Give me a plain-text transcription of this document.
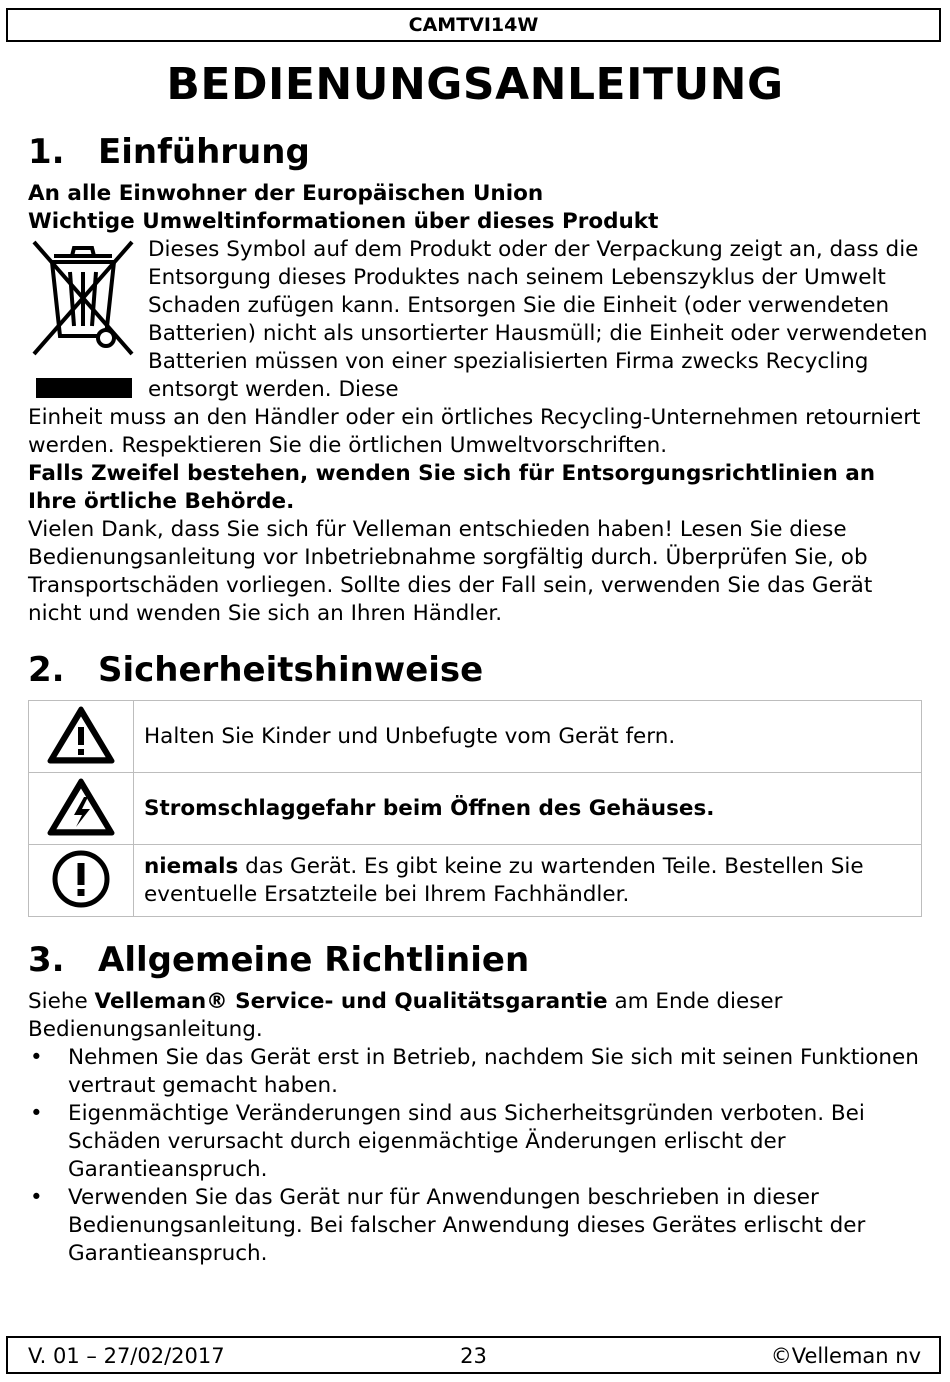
CAMTVI14W
BEDIENUNGSANLEITUNG
1. Einführung
An alle Einwohner der Europäischen Union
Wichtige Umweltinformationen über dieses Produkt
Dieses Symbol auf dem Produkt oder der Verpackung zeigt an, dass die Entsorgung dieses Produktes nach seinem Lebenszyklus der Umwelt Schaden zufügen kann. Entsorgen Sie die Einheit (oder verwendeten Batterien) nicht als unsortierter Hausmüll; die Einheit oder verwendeten Batterien müssen von einer spezialisierten Firma zwecks Recycling entsorgt werden. Diese
Einheit muss an den Händler oder ein örtliches Recycling-Unternehmen retourniert werden. Respektieren Sie die örtlichen Umweltvorschriften.
Falls Zweifel bestehen, wenden Sie sich für Entsorgungsrichtlinien an Ihre örtliche Behörde.
Vielen Dank, dass Sie sich für Velleman entschieden haben! Lesen Sie diese Bedienungsanleitung vor Inbetriebnahme sorgfältig durch. Überprüfen Sie, ob Transportschäden vorliegen. Sollte dies der Fall sein, verwenden Sie das Gerät nicht und wenden Sie sich an Ihren Händler.
2. Sicherheitshinweise
	Halten Sie Kinder und Unbefugte vom Gerät fern.
	Stromschlaggefahr beim Öffnen des Gehäuses.
	niemals das Gerät. Es gibt keine zu wartenden Teile. Bestellen Sie eventuelle Ersatzteile bei Ihrem Fachhändler.
3. Allgemeine Richtlinien
Siehe Velleman® Service- und Qualitätsgarantie am Ende dieser Bedienungsanleitung.
• Nehmen Sie das Gerät erst in Betrieb, nachdem Sie sich mit seinen Funktionen vertraut gemacht haben.
• Eigenmächtige Veränderungen sind aus Sicherheitsgründen verboten. Bei Schäden verursacht durch eigenmächtige Änderungen erlischt der Garantieanspruch.
• Verwenden Sie das Gerät nur für Anwendungen beschrieben in dieser Bedienungsanleitung. Bei falscher Anwendung dieses Gerätes erlischt der Garantieanspruch.
23
V. 01 – 27/02/2017	©Velleman nv
